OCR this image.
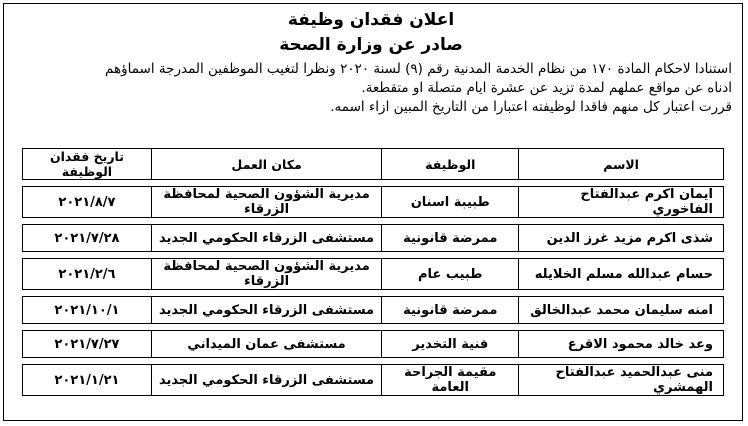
اعلان فقدان وظيفة
صادر عن وزارة الصحة
استنادا لاحكام المادة ١٧٠ من نظام الخدمة المدنية رقم (٩) لسنة ٢٠٢٠ ونظرا لتغيب الموظفين المدرجة اسماؤهم
ادناه عن مواقع عملهم لمدة تزيد عن عشرة ايام متصلة او متقطعة.
قررت اعتبار كل منهم فاقدا لوظيفته اعتبارا من التاريخ المبين ازاء اسمه.
الاسم	الوظيفة	مكان العمل	تاريخ فقدان الوظيفة
ايمان اكرم عبدالفتاح الفاخوري	طبيبة اسنان	مديرية الشؤون الصحية لمحافظة الزرقاء	٢٠٢١/٨/٧
شذى اكرم مزيد غرز الدين	ممرضة قانونية	مستشفى الزرقاء الحكومي الجديد	٢٠٢١/٧/٢٨
حسام عبدالله مسلم الخلايله	طبيب عام	مديرية الشؤون الصحية لمحافظة الزرقاء	٢٠٢١/٢/٦
امنه سليمان محمد عبدالخالق	ممرضة قانونية	مستشفى الزرقاء الحكومي الجديد	٢٠٢١/١٠/١
وعد خالد محمود الاقرع	فنية التخدير	مستشفى عمان الميداني	٢٠٢١/٧/٢٧
منى عبدالحميد عبدالفتاح الهمشري	مقيمة الجراحة العامة	مستشفى الزرقاء الحكومي الجديد	٢٠٢١/١/٢١
